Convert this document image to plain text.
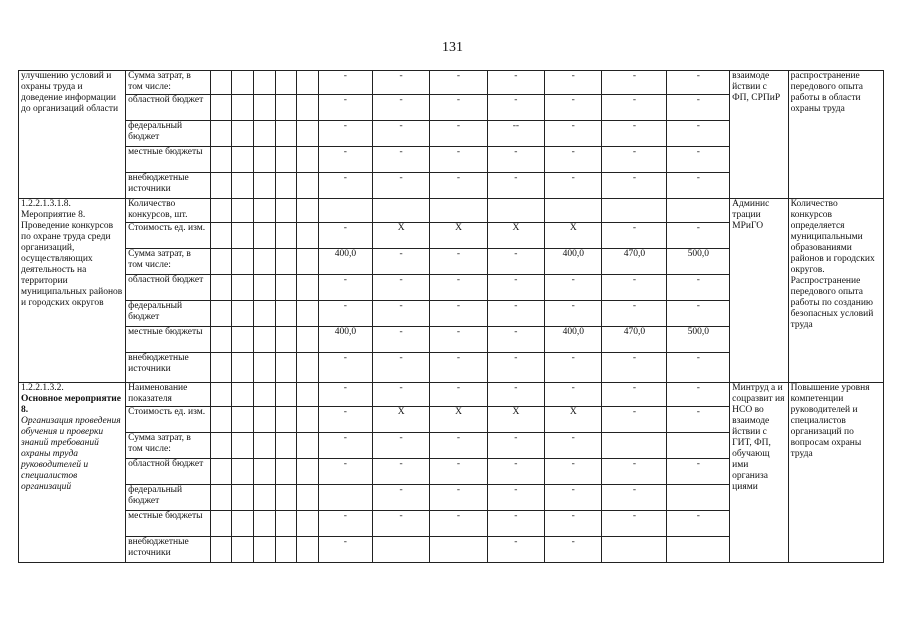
131
улучшению условий и охраны труда и доведение информации до организаций области	Сумма затрат, в том числе:						-	-	-	-	-	-	-	взаимоде йствии с ФП, СРПиР	распространение передового опыта работы в области охраны труда
	областной бюджет						-	-	-	-	-	-	-		
	федеральный бюджет						-	-	-	--	-	-	-		
	местные бюджеты						-	-	-	-	-	-	-		
	внебюджетные источники						-	-	-	-	-	-	-		

1.2.2.1.3.1.8. Мероприятие 8. Проведение конкурсов по охране труда среди организаций, осуществляющих деятельность на территории муниципальных районов и городских округов	Количество конкурсов, шт.													Админис трации МРиГО	Количество конкурсов определяется муниципальными образованиями районов и городских округов. Распространение передового опыта работы по созданию безопасных условий труда
	Стоимость ед. изм.						-	X	X	X	X	-	-		
	Сумма затрат, в том числе:						400,0	-	-	-	400,0	470,0	500,0		
	областной бюджет						-	-	-	-	-	-	-		
	федеральный бюджет						-	-	-	-	-	-	-		
	местные бюджеты						400,0	-	-	-	400,0	470,0	500,0		
	внебюджетные источники						-	-	-	-	-	-	-		

1.2.2.1.3.2.
Основное мероприятие 8.
Организация проведения обучения и проверки знаний требований охраны труда руководителей и специалистов организаций	Наименование показателя						-	-	-	-	-	-	-	Минтруд а и соцразвит ия НСО во взаимоде йствии с ГИТ, ФП, обучающ ими организа циями	Повышение уровня компетенции руководителей и специалистов организаций по вопросам охраны труда
	Стоимость ед. изм.						-	X	X	X	X	-	-		
	Сумма затрат, в том числе:						-	-	-	-	-				
	областной бюджет						-	-	-	-	-	-	-		
	федеральный бюджет							-	-	-	-	-			
	местные бюджеты						-	-	-	-	-	-	-		
	внебюджетные источники						-			-	-				
